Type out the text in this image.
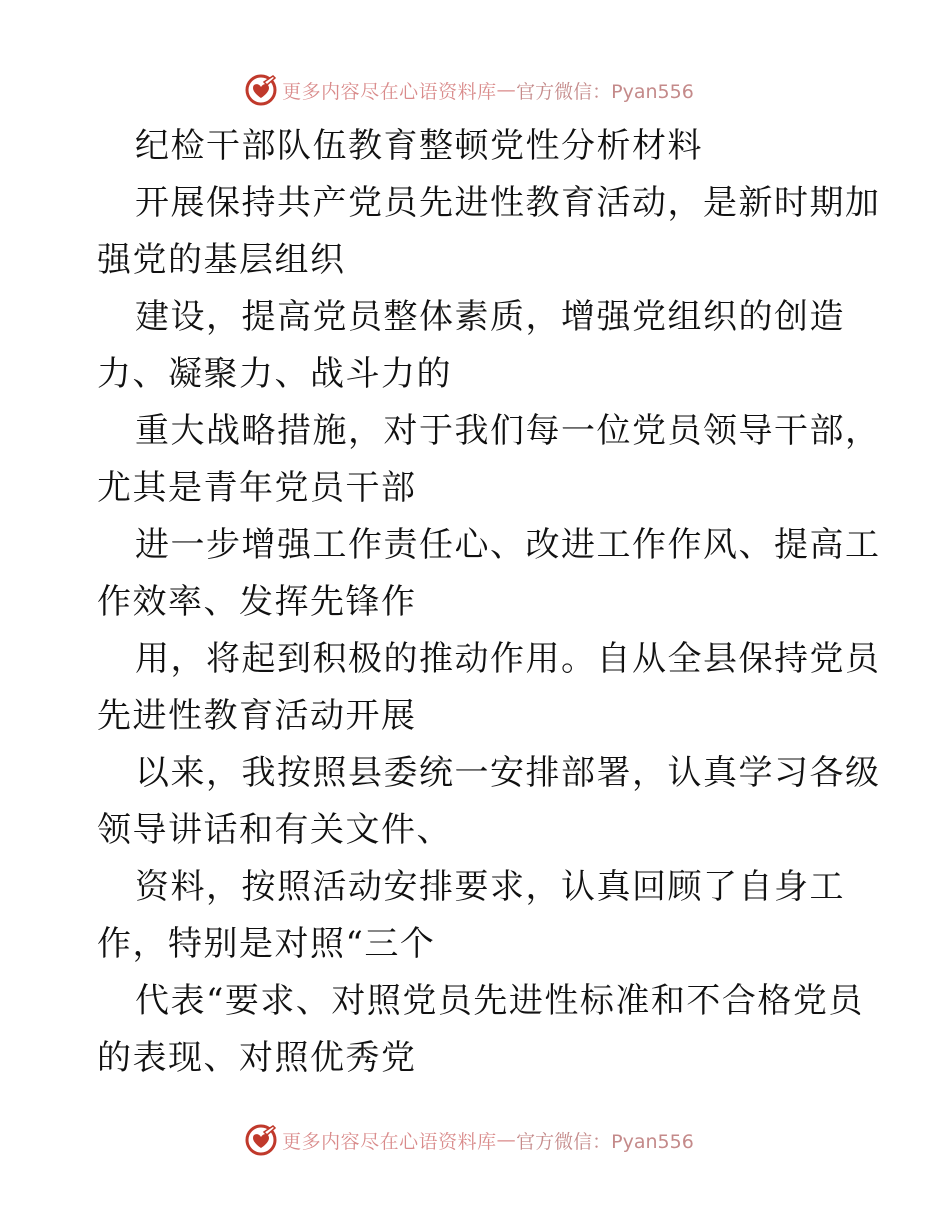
更多内容尽在心语资料库 — 官方微信：Pyan556
纪检干部队伍教育整顿党性分析材料
开展保持共产党员先进性教育活动，是新时期加
强党的基层组织
建设，提高党员整体素质，增强党组织的创造
力、凝聚力、战斗力的
重大战略措施，对于我们每一位党员领导干部，
尤其是青年党员干部
进一步增强工作责任心、改进工作作风、提高工
作效率、发挥先锋作
用，将起到积极的推动作用。自从全县保持党员
先进性教育活动开展
以来，我按照县委统一安排部署，认真学习各级
领导讲话和有关文件、
资料，按照活动安排要求，认真回顾了自身工
作，特别是对照“三个
代表“要求、对照党员先进性标准和不合格党员
的表现、对照优秀党
更多内容尽在心语资料库 — 官方微信：Pyan556
